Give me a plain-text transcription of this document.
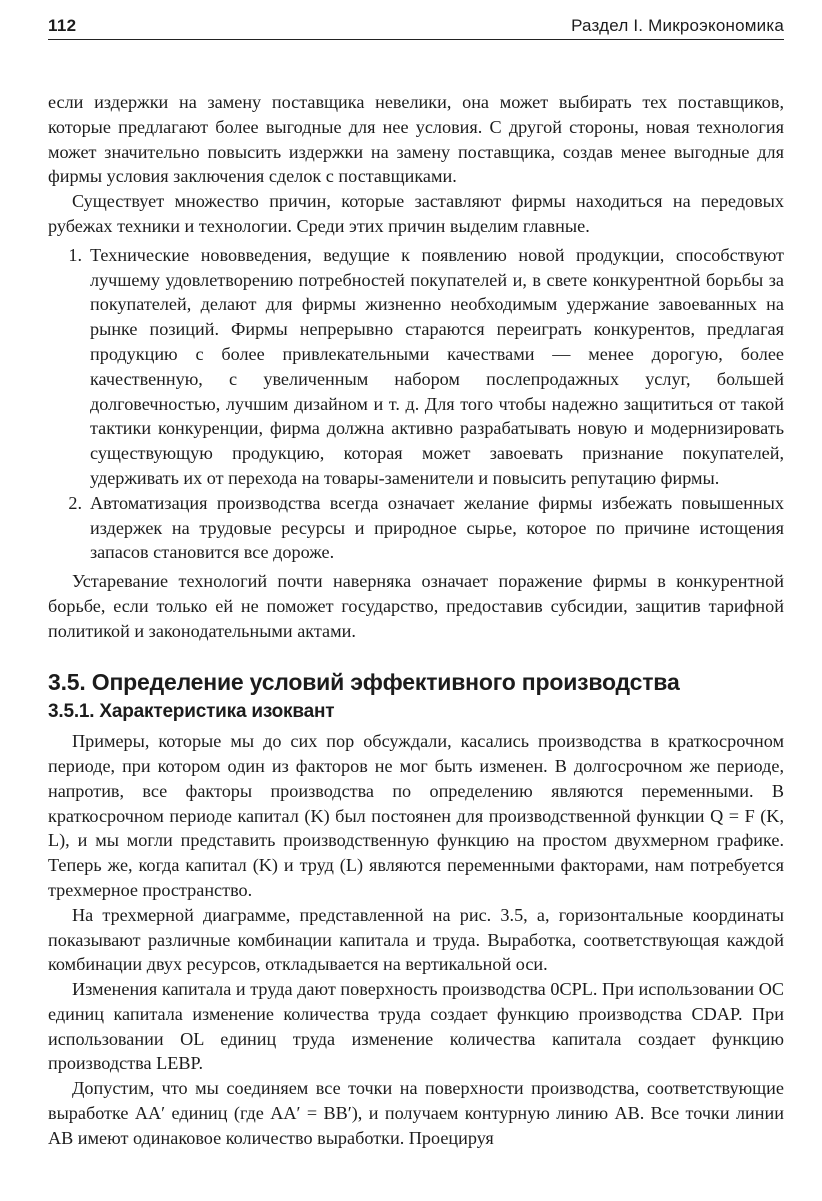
112	Раздел I. Микроэкономика

если издержки на замену поставщика невелики, она может выбирать тех поставщиков, которые предлагают более выгодные для нее условия. С другой стороны, новая технология может значительно повысить издержки на замену поставщика, создав менее выгодные для фирмы условия заключения сделок с поставщиками.

Существует множество причин, которые заставляют фирмы находиться на передовых рубежах техники и технологии. Среди этих причин выделим главные.

1. Технические нововведения, ведущие к появлению новой продукции, способствуют лучшему удовлетворению потребностей покупателей и, в свете конкурентной борьбы за покупателей, делают для фирмы жизненно необходимым удержание завоеванных на рынке позиций. Фирмы непрерывно стараются переиграть конкурентов, предлагая продукцию с более привлекательными качествами — менее дорогую, более качественную, с увеличенным набором послепродажных услуг, большей долговечностью, лучшим дизайном и т. д. Для того чтобы надежно защититься от такой тактики конкуренции, фирма должна активно разрабатывать новую и модернизировать существующую продукцию, которая может завоевать признание покупателей, удерживать их от перехода на товары-заменители и повысить репутацию фирмы.
2. Автоматизация производства всегда означает желание фирмы избежать повышенных издержек на трудовые ресурсы и природное сырье, которое по причине истощения запасов становится все дороже.

Устаревание технологий почти наверняка означает поражение фирмы в конкурентной борьбе, если только ей не поможет государство, предоставив субсидии, защитив тарифной политикой и законодательными актами.

3.5. Определение условий эффективного производства
3.5.1. Характеристика изоквант

Примеры, которые мы до сих пор обсуждали, касались производства в краткосрочном периоде, при котором один из факторов не мог быть изменен. В долгосрочном же периоде, напротив, все факторы производства по определению являются переменными. В краткосрочном периоде капитал (K) был постоянен для производственной функции Q = F (K, L), и мы могли представить производственную функцию на простом двухмерном графике. Теперь же, когда капитал (K) и труд (L) являются переменными факторами, нам потребуется трехмерное пространство.

На трехмерной диаграмме, представленной на рис. 3.5, а, горизонтальные координаты показывают различные комбинации капитала и труда. Выработка, соответствующая каждой комбинации двух ресурсов, откладывается на вертикальной оси.

Изменения капитала и труда дают поверхность производства 0CPL. При использовании OC единиц капитала изменение количества труда создает функцию производства CDAP. При использовании OL единиц труда изменение количества капитала создает функцию производства LEBP.

Допустим, что мы соединяем все точки на поверхности производства, соответствующие выработке AA′ единиц (где AA′ = BB′), и получаем контурную линию AB. Все точки линии AB имеют одинаковое количество выработки. Проецируя
